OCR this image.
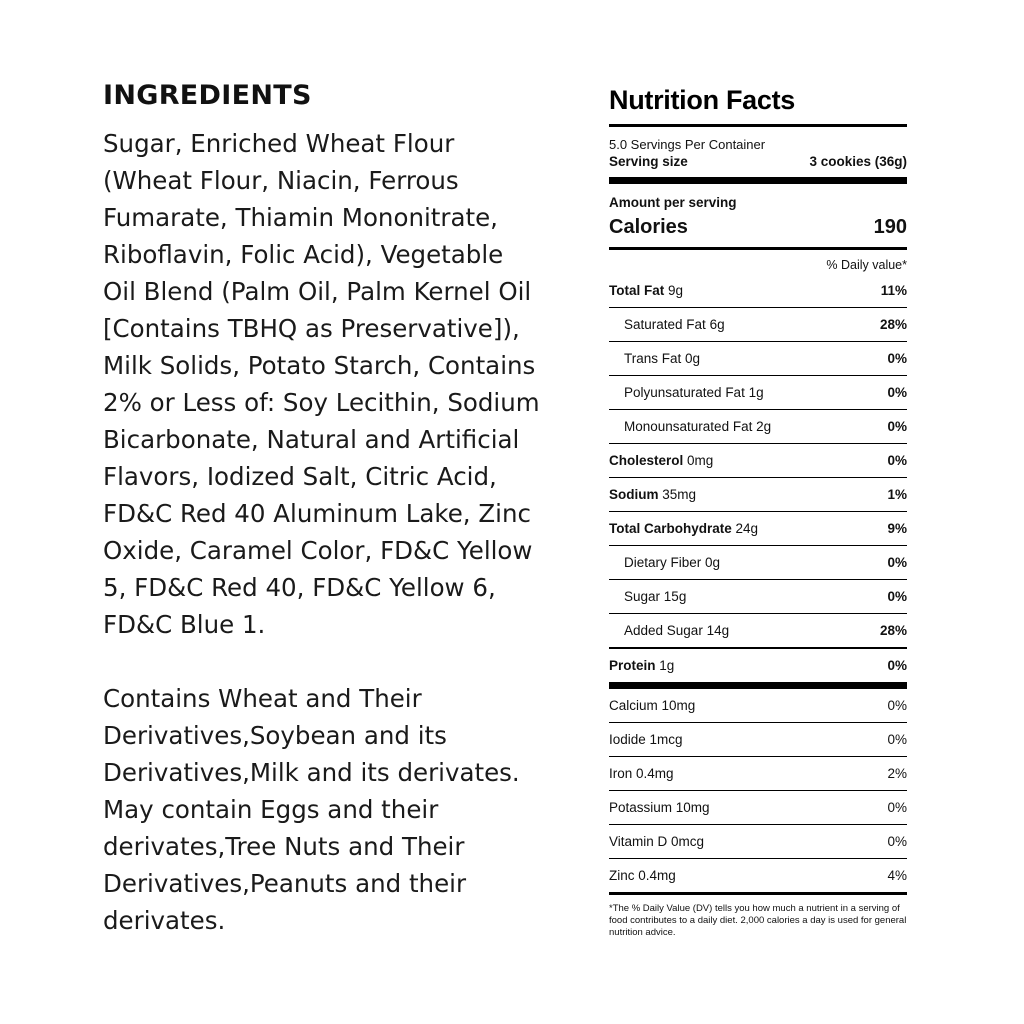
INGREDIENTS

Sugar, Enriched Wheat Flour
(Wheat Flour, Niacin, Ferrous
Fumarate, Thiamin Mononitrate,
Riboflavin, Folic Acid), Vegetable
Oil Blend (Palm Oil, Palm Kernel Oil
[Contains TBHQ as Preservative]),
Milk Solids, Potato Starch, Contains
2% or Less of: Soy Lecithin, Sodium
Bicarbonate, Natural and Artificial
Flavors, Iodized Salt, Citric Acid,
FD&C Red 40 Aluminum Lake, Zinc
Oxide, Caramel Color, FD&C Yellow
5, FD&C Red 40, FD&C Yellow 6,
FD&C Blue 1.

Contains Wheat and Their
Derivatives,Soybean and its
Derivatives,Milk and its derivates.
May contain Eggs and their
derivates,Tree Nuts and Their
Derivatives,Peanuts and their
derivates.

Nutrition Facts
5.0 Servings Per Container
Serving size	3 cookies (36g)
Amount per serving
Calories	190
% Daily value*
Total Fat 9g	11%
Saturated Fat 6g	28%
Trans Fat 0g	0%
Polyunsaturated Fat 1g	0%
Monounsaturated Fat 2g	0%
Cholesterol 0mg	0%
Sodium 35mg	1%
Total Carbohydrate 24g	9%
Dietary Fiber 0g	0%
Sugar 15g	0%
Added Sugar 14g	28%
Protein 1g	0%
Calcium 10mg	0%
Iodide 1mcg	0%
Iron 0.4mg	2%
Potassium 10mg	0%
Vitamin D 0mcg	0%
Zinc 0.4mg	4%
*The % Daily Value (DV) tells you how much a nutrient in a serving of food contributes to a daily diet. 2,000 calories a day is used for general nutrition advice.
